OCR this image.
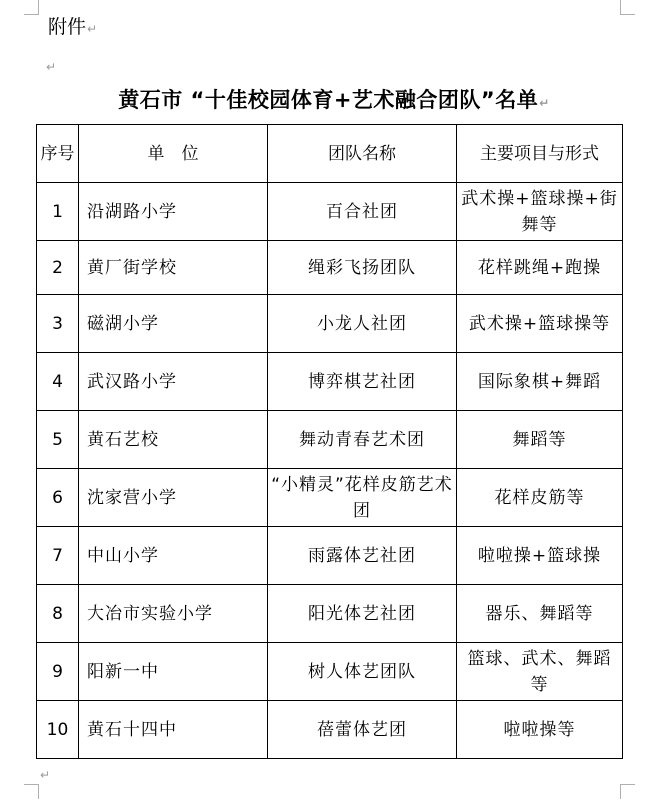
附件↵
↵
黄石市 “十佳校园体育+艺术融合团队”名单↵
序号	单　位	团队名称	主要项目与形式
1	沿湖路小学	百合社团	武术操+篮球操+街舞等
2	黄厂街学校	绳彩飞扬团队	花样跳绳+跑操
3	磁湖小学	小龙人社团	武术操+篮球操等
4	武汉路小学	博弈棋艺社团	国际象棋+舞蹈
5	黄石艺校	舞动青春艺术团	舞蹈等
6	沈家营小学	“小精灵”花样皮筋艺术团	花样皮筋等
7	中山小学	雨露体艺社团	啦啦操+篮球操
8	大冶市实验小学	阳光体艺社团	器乐、舞蹈等
9	阳新一中	树人体艺团队	篮球、武术、舞蹈等
10	黄石十四中	蓓蕾体艺团	啦啦操等
↵
